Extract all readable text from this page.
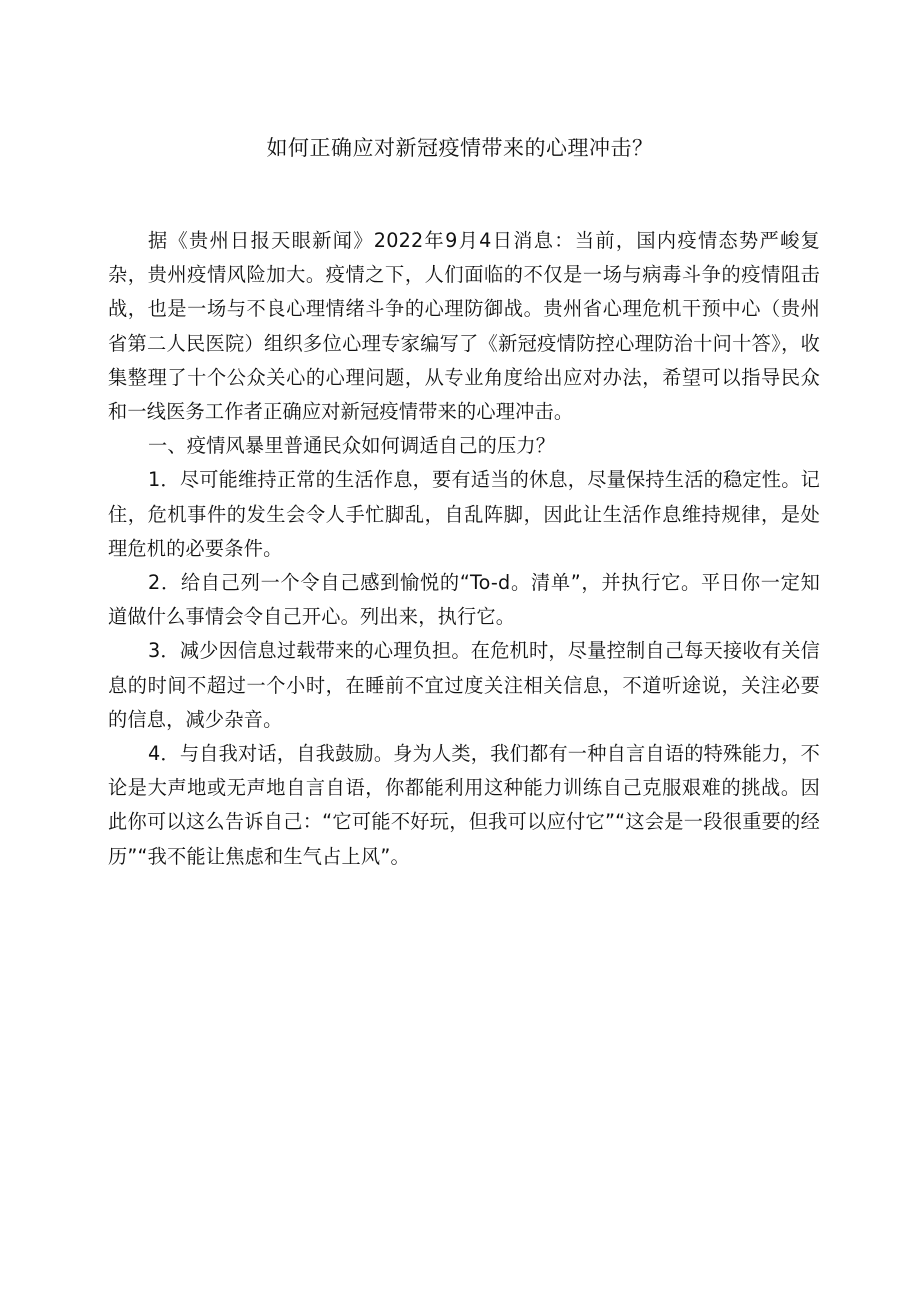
如何正确应对新冠疫情带来的心理冲击？

据《贵州日报天眼新闻》2022年9月4日消息：当前，国内疫情态势严峻复杂，贵州疫情风险加大。疫情之下，人们面临的不仅是一场与病毒斗争的疫情阻击战，也是一场与不良心理情绪斗争的心理防御战。贵州省心理危机干预中心（贵州省第二人民医院）组织多位心理专家编写了《新冠疫情防控心理防治十问十答》，收集整理了十个公众关心的心理问题，从专业角度给出应对办法，希望可以指导民众和一线医务工作者正确应对新冠疫情带来的心理冲击。

一、疫情风暴里普通民众如何调适自己的压力？

1．尽可能维持正常的生活作息，要有适当的休息，尽量保持生活的稳定性。记住，危机事件的发生会令人手忙脚乱，自乱阵脚，因此让生活作息维持规律，是处理危机的必要条件。

2．给自己列一个令自己感到愉悦的“To-d。清单”，并执行它。平日你一定知道做什么事情会令自己开心。列出来，执行它。

3．减少因信息过载带来的心理负担。在危机时，尽量控制自己每天接收有关信息的时间不超过一个小时，在睡前不宜过度关注相关信息，不道听途说，关注必要的信息，减少杂音。

4．与自我对话，自我鼓励。身为人类，我们都有一种自言自语的特殊能力，不论是大声地或无声地自言自语，你都能利用这种能力训练自己克服艰难的挑战。因此你可以这么告诉自己：“它可能不好玩，但我可以应付它”“这会是一段很重要的经历”“我不能让焦虑和生气占上风”。
